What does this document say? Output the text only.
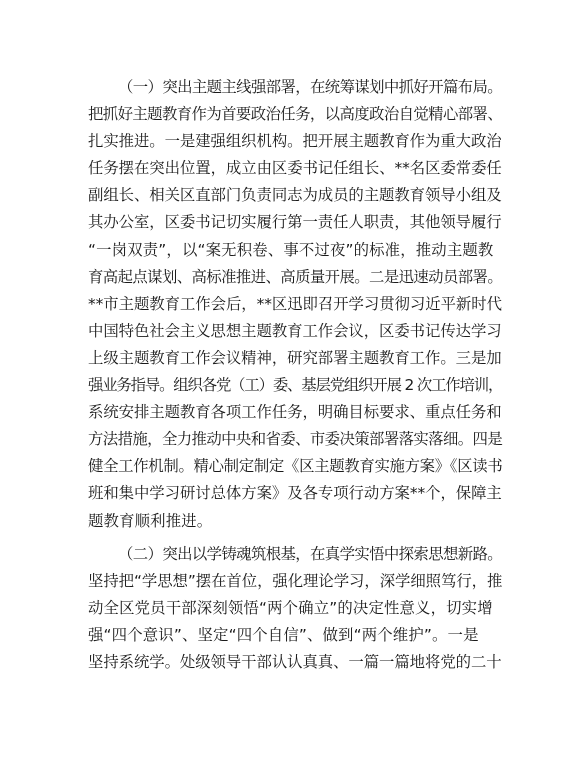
（一）突出主题主线强部署，在统筹谋划中抓好开篇布局。
把抓好主题教育作为首要政治任务，以高度政治自觉精心部署、
扎实推进。一是建强组织机构。把开展主题教育作为重大政治
任务摆在突出位置，成立由区委书记任组长、**名区委常委任
副组长、相关区直部门负责同志为成员的主题教育领导小组及
其办公室，区委书记切实履行第一责任人职责，其他领导履行
“一岗双责”，以“案无积卷、事不过夜”的标准，推动主题教
育高起点谋划、高标准推进、高质量开展。二是迅速动员部署。
**市主题教育工作会后，**区迅即召开学习贯彻习近平新时代
中国特色社会主义思想主题教育工作会议，区委书记传达学习
上级主题教育工作会议精神，研究部署主题教育工作。三是加
强业务指导。组织各党（工）委、基层党组织开展 2 次工作培训，
系统安排主题教育各项工作任务，明确目标要求、重点任务和
方法措施，全力推动中央和省委、市委决策部署落实落细。四是
健全工作机制。精心制定制定《区主题教育实施方案》《区读书
班和集中学习研讨总体方案》及各专项行动方案**个，保障主
题教育顺利推进。
（二）突出以学铸魂筑根基，在真学实悟中探索思想新路。
坚持把“学思想”摆在首位，强化理论学习，深学细照笃行，推
动全区党员干部深刻领悟“两个确立”的决定性意义，切实增
强“四个意识”、坚定“四个自信”、做到“两个维护”。一是
坚持系统学。处级领导干部认认真真、一篇一篇地将党的二十
